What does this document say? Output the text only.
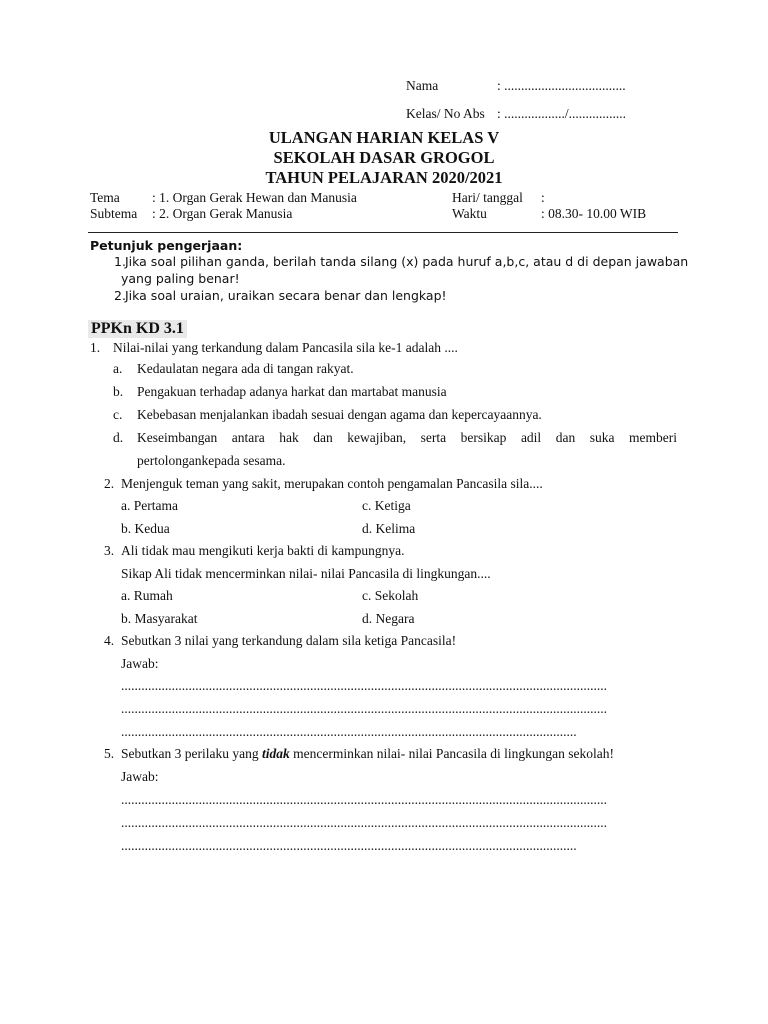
Nama	: ....................................
Kelas/ No Abs : ................../.................
ULANGAN HARIAN KELAS V
SEKOLAH DASAR GROGOL
TAHUN PELAJARAN 2020/2021
Tema : 1. Organ Gerak Hewan dan Manusia
Subtema : 2. Organ Gerak Manusia
Hari/ tanggal :
Waktu	: 08.30- 10.00 WIB
Petunjuk pengerjaan:
1. Jika soal pilihan ganda, berilah tanda silang (x) pada huruf a,b,c, atau d di depan jawaban
yang paling benar!
2. Jika soal uraian, uraikan secara benar dan lengkap!
PPKn KD 3.1
1. Nilai-nilai yang terkandung dalam Pancasila sila ke-1 adalah ....
a. Kedaulatan negara ada di tangan rakyat.
b. Pengakuan terhadap adanya harkat dan martabat manusia
c. Kebebasan menjalankan ibadah sesuai dengan agama dan kepercayaannya.
d. Keseimbangan antara hak dan kewajiban, serta bersikap adil dan suka memberi
pertolongankepada sesama.
2. Menjenguk teman yang sakit, merupakan contoh pengamalan Pancasila sila....
a. Pertama	c. Ketiga
b. Kedua	d. Kelima
3. Ali tidak mau mengikuti kerja bakti di kampungnya.
Sikap Ali tidak mencerminkan nilai- nilai Pancasila di lingkungan....
a. Rumah	c. Sekolah
b. Masyarakat	d. Negara
4. Sebutkan 3 nilai yang terkandung dalam sila ketiga Pancasila!
Jawab:
................................................................................................................................................
................................................................................................................................................
.......................................................................................................................................
5. Sebutkan 3 perilaku yang tidak mencerminkan nilai- nilai Pancasila di lingkungan sekolah!
Jawab:
................................................................................................................................................
................................................................................................................................................
.......................................................................................................................................
